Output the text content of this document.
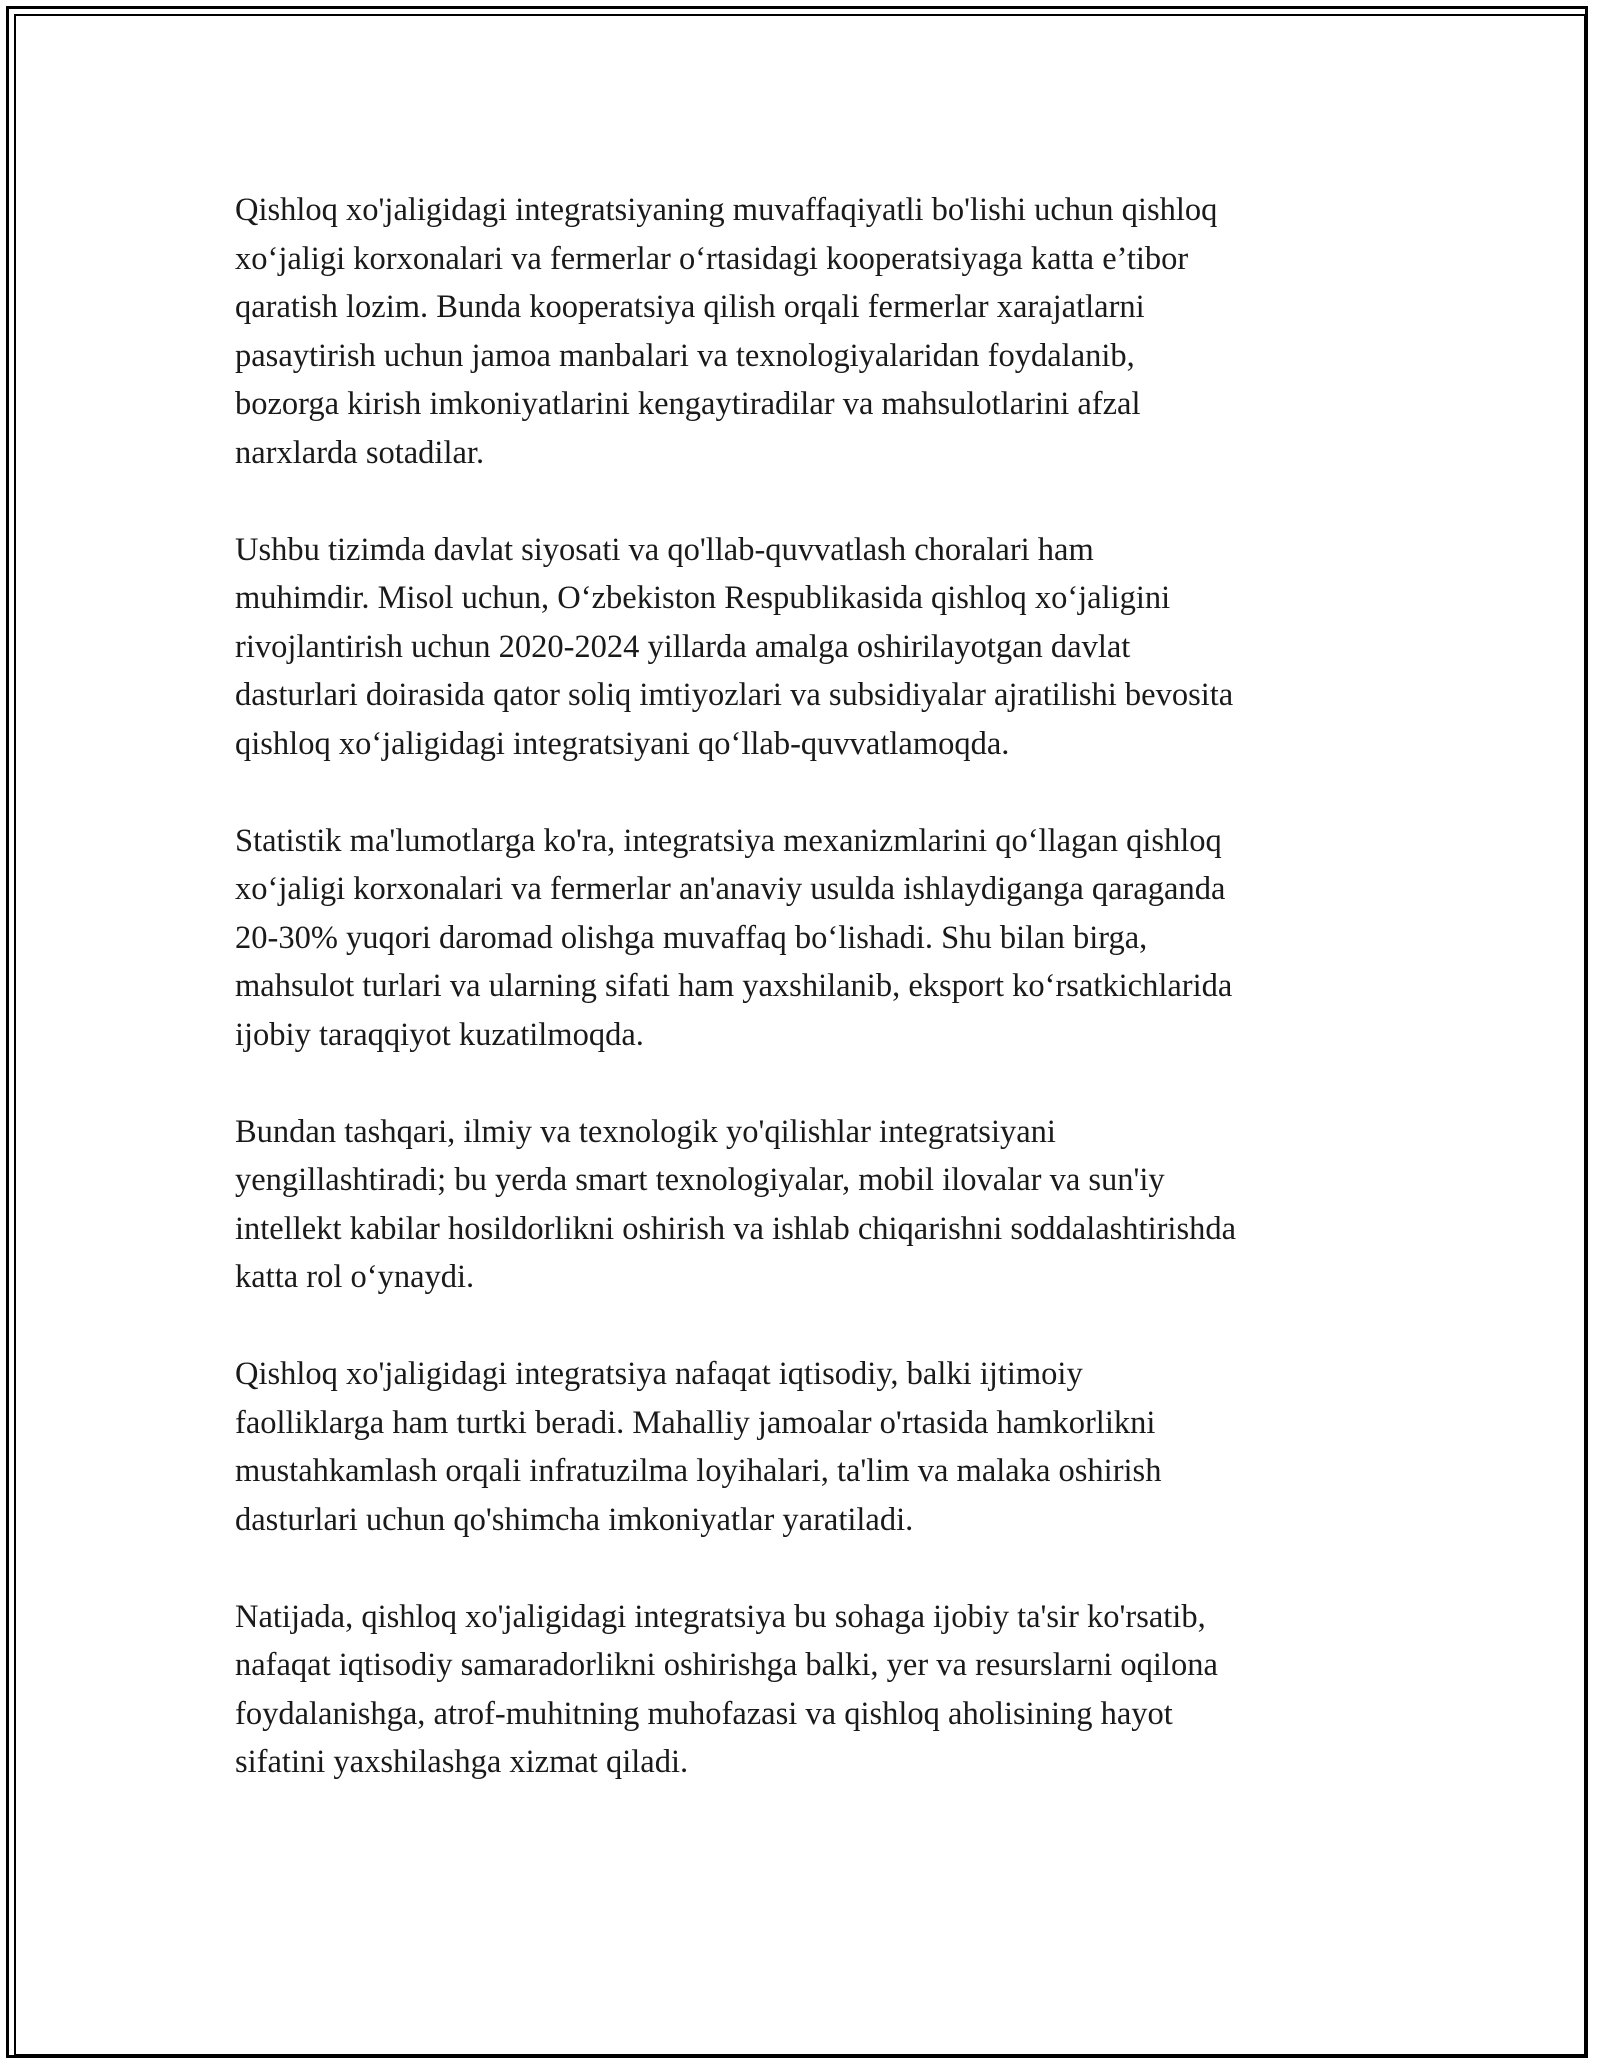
Qishloq xo'jaligidagi integratsiyaning muvaffaqiyatli bo'lishi uchun qishloq
xo‘jaligi korxonalari va fermerlar o‘rtasidagi kooperatsiyaga katta e’tibor
qaratish lozim. Bunda kooperatsiya qilish orqali fermerlar xarajatlarni
pasaytirish uchun jamoa manbalari va texnologiyalaridan foydalanib,
bozorga kirish imkoniyatlarini kengaytiradilar va mahsulotlarini afzal
narxlarda sotadilar.

Ushbu tizimda davlat siyosati va qo'llab-quvvatlash choralari ham
muhimdir. Misol uchun, O‘zbekiston Respublikasida qishloq xo‘jaligini
rivojlantirish uchun 2020-2024 yillarda amalga oshirilayotgan davlat
dasturlari doirasida qator soliq imtiyozlari va subsidiyalar ajratilishi bevosita
qishloq xo‘jaligidagi integratsiyani qo‘llab-quvvatlamoqda.

Statistik ma'lumotlarga ko'ra, integratsiya mexanizmlarini qo‘llagan qishloq
xo‘jaligi korxonalari va fermerlar an'anaviy usulda ishlaydiganga qaraganda
20-30% yuqori daromad olishga muvaffaq bo‘lishadi. Shu bilan birga,
mahsulot turlari va ularning sifati ham yaxshilanib, eksport ko‘rsatkichlarida
ijobiy taraqqiyot kuzatilmoqda.

Bundan tashqari, ilmiy va texnologik yo'qilishlar integratsiyani
yengillashtiradi; bu yerda smart texnologiyalar, mobil ilovalar va sun'iy
intellekt kabilar hosildorlikni oshirish va ishlab chiqarishni soddalashtirishda
katta rol o‘ynaydi.

Qishloq xo'jaligidagi integratsiya nafaqat iqtisodiy, balki ijtimoiy
faolliklarga ham turtki beradi. Mahalliy jamoalar o'rtasida hamkorlikni
mustahkamlash orqali infratuzilma loyihalari, ta'lim va malaka oshirish
dasturlari uchun qo'shimcha imkoniyatlar yaratiladi.

Natijada, qishloq xo'jaligidagi integratsiya bu sohaga ijobiy ta'sir ko'rsatib,
nafaqat iqtisodiy samaradorlikni oshirishga balki, yer va resurslarni oqilona
foydalanishga, atrof-muhitning muhofazasi va qishloq aholisining hayot
sifatini yaxshilashga xizmat qiladi.
